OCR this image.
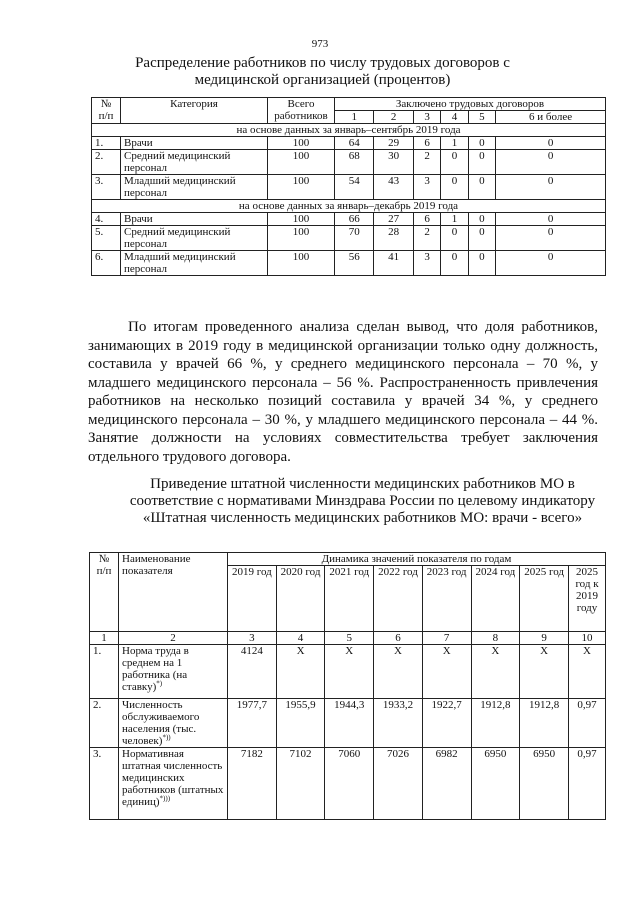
973
Распределение работников по числу трудовых договоров с медицинской организацией (процентов)
№ п/п	Категория	Всего работников	Заключено трудовых договоров					
			1	2	3	4	5	6 и более
на основе данных за январь–сентябрь 2019 года								
1.	Врачи	100	64	29	6	1	0	0
2.	Средний медицинский персонал	100	68	30	2	0	0	0
3.	Младший медицинский персонал	100	54	43	3	0	0	0
на основе данных за январь–декабрь 2019 года								
4.	Врачи	100	66	27	6	1	0	0
5.	Средний медицинский персонал	100	70	28	2	0	0	0
6.	Младший медицинский персонал	100	56	41	3	0	0	0

По итогам проведенного анализа сделан вывод, что доля работников, занимающих в 2019 году в медицинской организации только одну должность, составила у врачей 66 %, у среднего медицинского персонала – 70 %, у младшего медицинского персонала – 56 %. Распространенность привлечения работников на несколько позиций составила у врачей 34 %, у среднего медицинского персонала – 30 %, у младшего медицинского персонала – 44 %. Занятие должности на условиях совместительства требует заключения отдельного трудового договора.

Приведение штатной численности медицинских работников МО в соответствие с нормативами Минздрава России по целевому индикатору «Штатная численность медицинских работников МО: врачи - всего»
№ п/п	Наименование показателя	Динамика значений показателя по годам							
		2019 год	2020 год	2021 год	2022 год	2023 год	2024 год	2025 год	2025 год к 2019 году
1	2	3	4	5	6	7	8	9	10
1.	Норма труда в среднем на 1 работника (на ставку)*)	4124	X	X	X	X	X	X	X
2.	Численность обслуживаемого населения (тыс. человек)*))	1977,7	1955,9	1944,3	1933,2	1922,7	1912,8	1912,8	0,97
3.	Нормативная штатная численность медицинских работников (штатных единиц)*)))	7182	7102	7060	7026	6982	6950	6950	0,97
